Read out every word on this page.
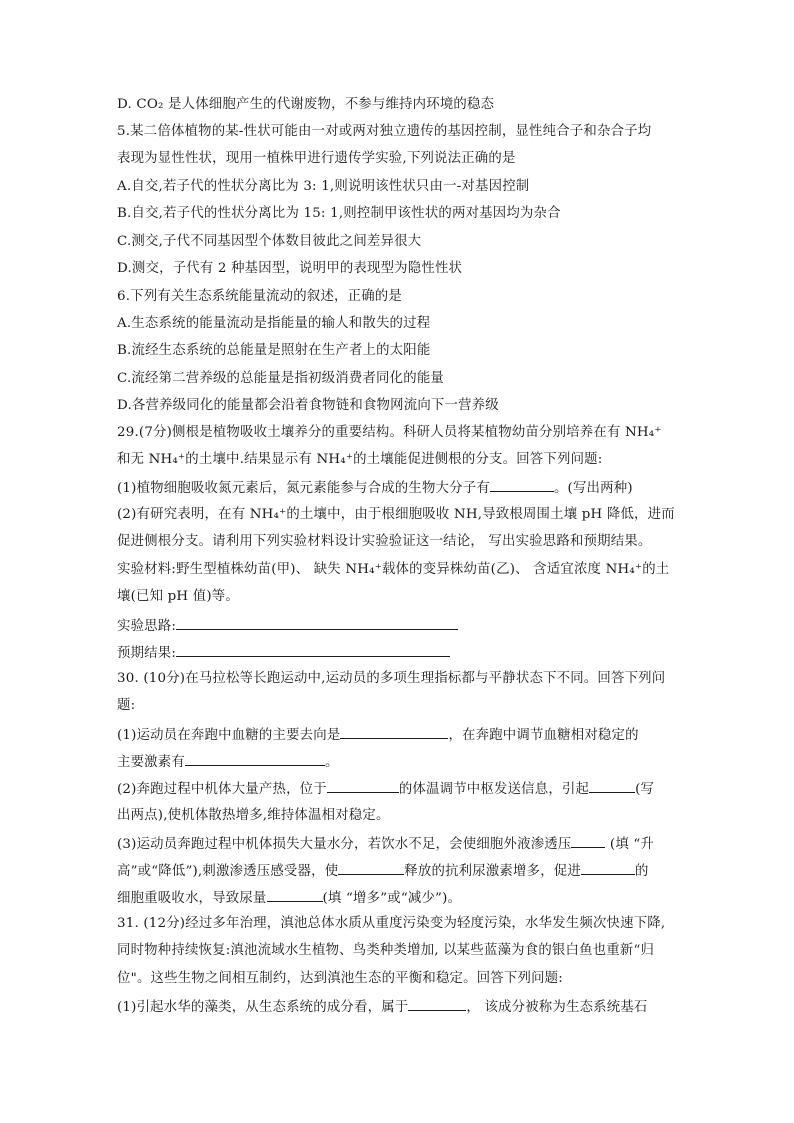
D. CO₂ 是人体细胞产生的代谢废物，不参与维持内环境的稳态
5.某二倍体植物的某-性状可能由一对或两对独立遗传的基因控制，显性纯合子和杂合子均
表现为显性性状，现用一植株甲进行遗传学实验,下列说法正确的是
A.自交,若子代的性状分离比为 3: 1,则说明该性状只由一-对基因控制
B.自交,若子代的性状分离比为 15: 1,则控制甲该性状的两对基因均为杂合
C.测交,子代不同基因型个体数目彼此之间差异很大
D.测交，子代有 2 种基因型，说明甲的表现型为隐性性状
6.下列有关生态系统能量流动的叙述，正确的是
A.生态系统的能量流动是指能量的输人和散失的过程
B.流经生态系统的总能量是照射在生产者上的太阳能
C.流经第二营养级的总能量是指初级消费者同化的能量
D.各营养级同化的能量都会沿着食物链和食物网流向下一营养级
29.(7分)侧根是植物吸收土壤养分的重要结构。科研人员将某植物幼苗分别培养在有 NH₄⁺
和无 NH₄⁺的土壤中.结果显示有 NH₄⁺的土壤能促进侧根的分支。回答下列问题:
(1)植物细胞吸收氮元素后，氮元素能参与合成的生物大分子有	。(写出两种)
(2)有研究表明，在有 NH₄⁺的土壤中，由于根细胞吸收 NH,导致根周围土壤 pH 降低，进而
促进侧根分支。请利用下列实验材料设计实验验证这一结论， 写出实验思路和预期结果。
实验材料:野生型植株幼苗(甲)、 缺失 NH₄⁺载体的变异株幼苗(乙)、 含适宜浓度 NH₄⁺的土
壤(已知 pH 值)等。
实验思路:
预期结果:
30. (10分)在马拉松等长跑运动中,运动员的多项生理指标都与平静状态下不同。回答下列问
题:
(1)运动员在奔跑中血糖的主要去向是	，在奔跑中调节血糖相对稳定的
主要激素有	。
(2)奔跑过程中机体大量产热，位于	的体温调节中枢发送信息，引起	(写
出两点),使机体散热增多,维持体温相对稳定。
(3)运动员奔跑过程中机体损失大量水分，若饮水不足，会使细胞外液渗透压	(填 “升
高”或“降低”),刺激渗透压感受器，使	释放的抗利尿激素增多，促进	的
细胞重吸收水，导致尿量	(填 “增多”或“减少”)。
31. (12分)经过多年治理，滇池总体水质从重度污染变为轻度污染，水华发生频次快速下降,
同时物种持续恢复:滇池流域水生植物、鸟类种类增加, 以某些蓝藻为食的银白鱼也重新“归
位"。这些生物之间相互制约，达到滇池生态的平衡和稳定。回答下列问题:
(1)引起水华的藻类，从生态系统的成分看，属于	， 该成分被称为生态系统基石
